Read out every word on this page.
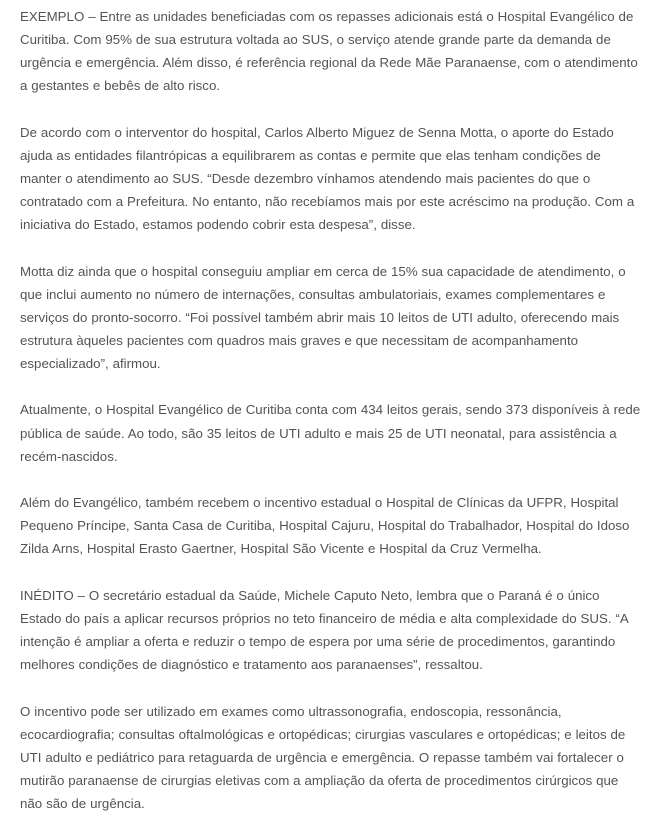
EXEMPLO – Entre as unidades beneficiadas com os repasses adicionais está o Hospital Evangélico de Curitiba. Com 95% de sua estrutura voltada ao SUS, o serviço atende grande parte da demanda de urgência e emergência. Além disso, é referência regional da Rede Mãe Paranaense, com o atendimento a gestantes e bebês de alto risco.

De acordo com o interventor do hospital, Carlos Alberto Miguez de Senna Motta, o aporte do Estado ajuda as entidades filantrópicas a equilibrarem as contas e permite que elas tenham condições de manter o atendimento ao SUS. “Desde dezembro vínhamos atendendo mais pacientes do que o contratado com a Prefeitura. No entanto, não recebíamos mais por este acréscimo na produção. Com a iniciativa do Estado, estamos podendo cobrir esta despesa”, disse.

Motta diz ainda que o hospital conseguiu ampliar em cerca de 15% sua capacidade de atendimento, o que inclui aumento no número de internações, consultas ambulatoriais, exames complementares e serviços do pronto-socorro. “Foi possível também abrir mais 10 leitos de UTI adulto, oferecendo mais estrutura àqueles pacientes com quadros mais graves e que necessitam de acompanhamento especializado”, afirmou.

Atualmente, o Hospital Evangélico de Curitiba conta com 434 leitos gerais, sendo 373 disponíveis à rede pública de saúde. Ao todo, são 35 leitos de UTI adulto e mais 25 de UTI neonatal, para assistência a recém-nascidos.

Além do Evangélico, também recebem o incentivo estadual o Hospital de Clínicas da UFPR, Hospital Pequeno Príncipe, Santa Casa de Curitiba, Hospital Cajuru, Hospital do Trabalhador, Hospital do Idoso Zilda Arns, Hospital Erasto Gaertner, Hospital São Vicente e Hospital da Cruz Vermelha.

INÉDITO – O secretário estadual da Saúde, Michele Caputo Neto, lembra que o Paraná é o único Estado do país a aplicar recursos próprios no teto financeiro de média e alta complexidade do SUS. “A intenção é ampliar a oferta e reduzir o tempo de espera por uma série de procedimentos, garantindo melhores condições de diagnóstico e tratamento aos paranaenses”, ressaltou.

O incentivo pode ser utilizado em exames como ultrassonografia, endoscopia, ressonância, ecocardiografia; consultas oftalmológicas e ortopédicas; cirurgias vasculares e ortopédicas; e leitos de UTI adulto e pediátrico para retaguarda de urgência e emergência. O repasse também vai fortalecer o mutirão paranaense de cirurgias eletivas com a ampliação da oferta de procedimentos cirúrgicos que não são de urgência.
